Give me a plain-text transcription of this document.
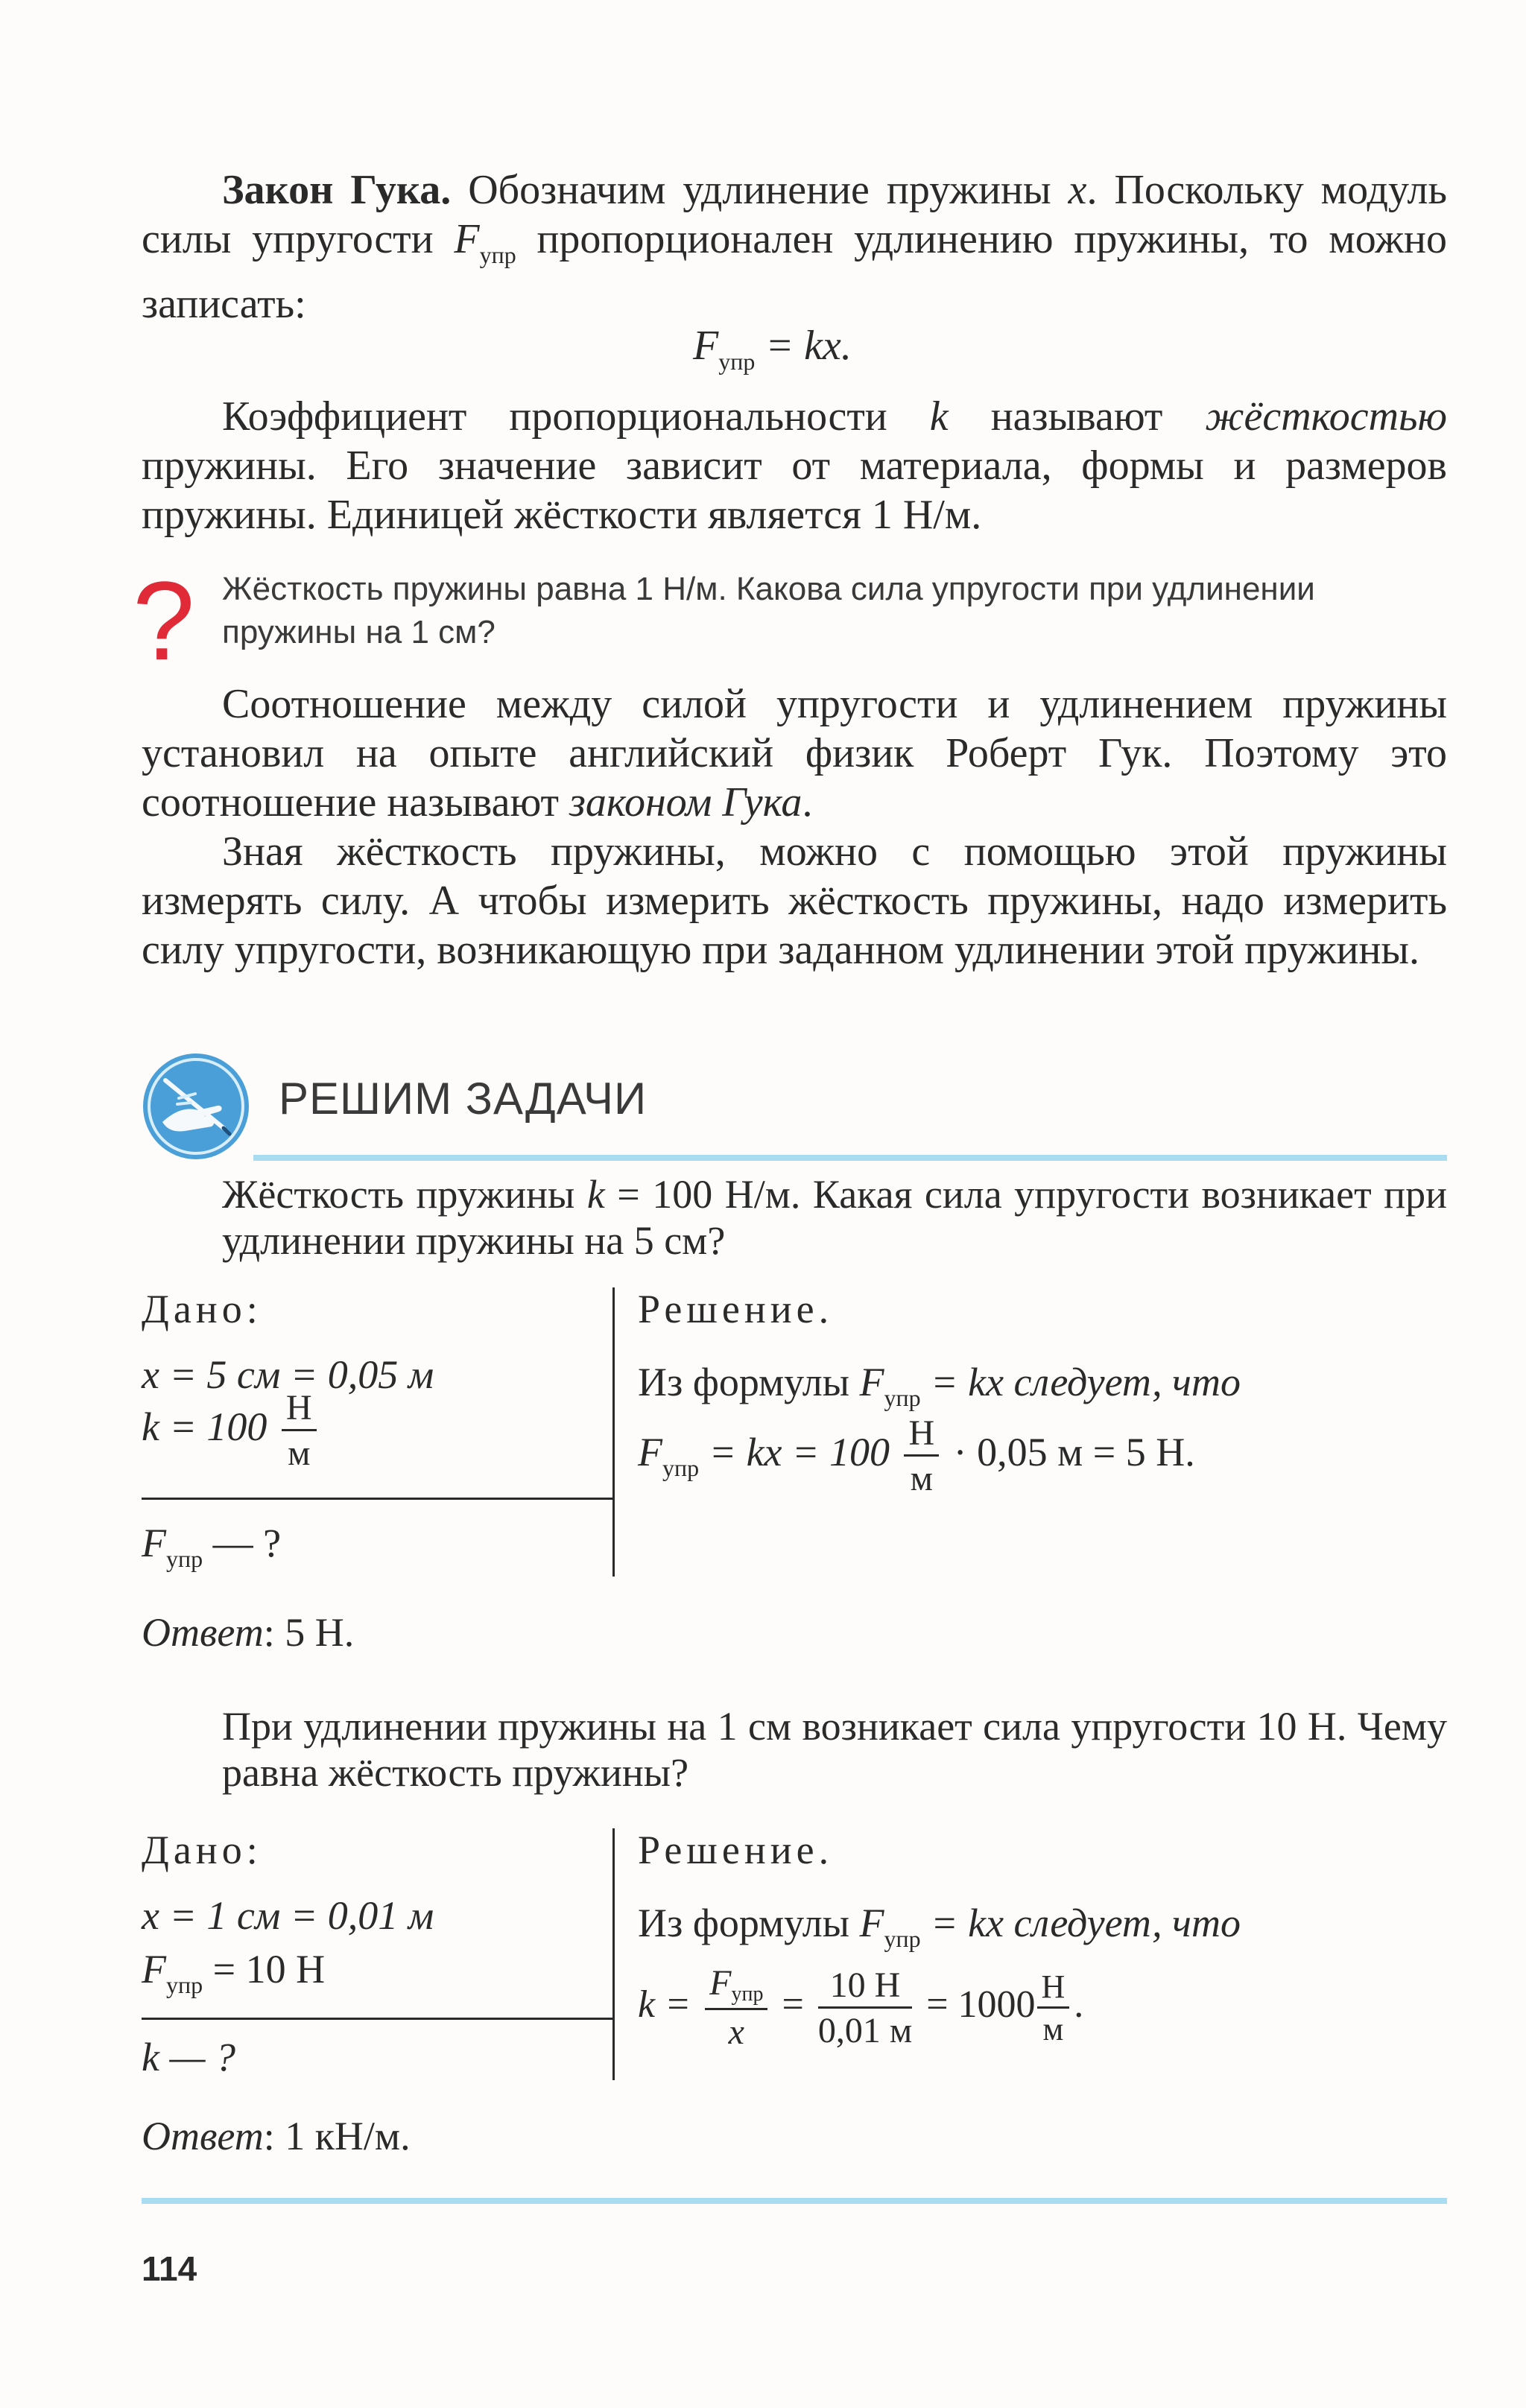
Закон Гука. Обозначим удлинение пружины x. Поскольку модуль силы упругости $F_{упр}$ пропорционален удлинению пружины, то можно записать:
$F_{упр}$ = kx.
Коэффициент пропорциональности k называют жёсткостью пружины. Его значение зависит от материала, формы и размеров пружины. Единицей жёсткости является 1 Н/м.
? Жёсткость пружины равна 1 Н/м. Какова сила упругости при удлинении пружины на 1 см?
Соотношение между силой упругости и удлинением пружины установил на опыте английский физик Роберт Гук. Поэтому это соотношение называют законом Гука.
Зная жёсткость пружины, можно с помощью этой пружины измерять силу. А чтобы измерить жёсткость пружины, надо измерить силу упругости, возникающую при заданном удлинении этой пружины.
РЕШИМ ЗАДАЧИ
Жёсткость пружины k = 100 Н/м. Какая сила упругости возникает при удлинении пружины на 5 см?
Дано:
x = 5 см = 0,05 м
$k = 100 \frac{Н}{м}$
$F_{упр}$ — ?
Решение.
Из формулы $F_{упр}$ = kx следует, что
$F_{упр}$ = kx = $100 \frac{Н}{м} \cdot 0,05$ м = 5 Н.
Ответ: 5 Н.
При удлинении пружины на 1 см возникает сила упругости 10 Н. Чему равна жёсткость пружины?
Дано:
x = 1 см = 0,01 м
$F_{упр} = 10$ Н
k — ?
Решение.
Из формулы $F_{упр}$ = kx следует, что
$k = \frac{F_{упр}}{x} = \frac{10 Н}{0,01 м} = 1000 \frac{Н}{м}$ .
Ответ: 1 кН/м.
114
